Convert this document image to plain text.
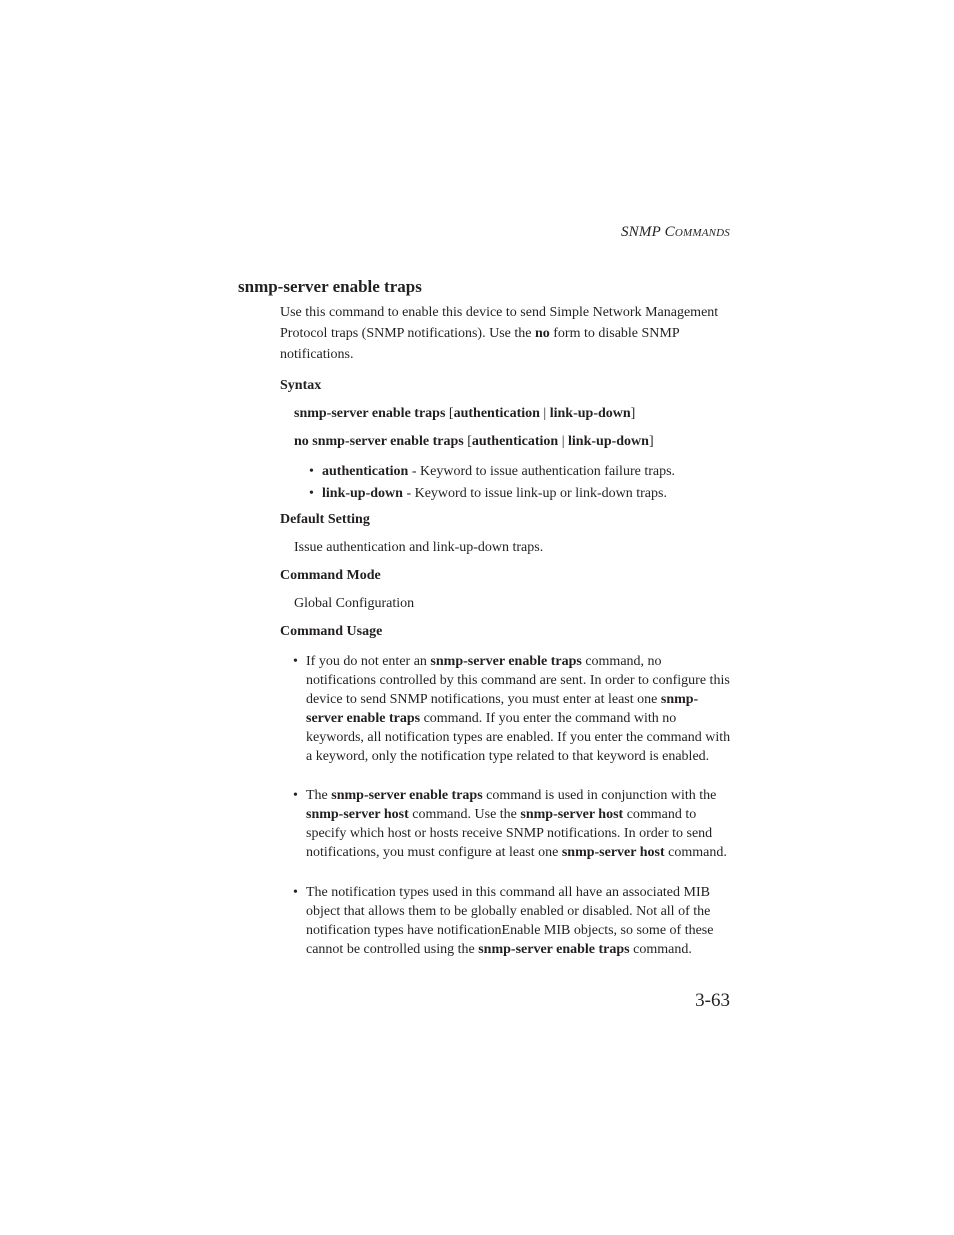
SNMP COMMANDS
snmp-server enable traps
Use this command to enable this device to send Simple Network Management Protocol traps (SNMP notifications). Use the no form to disable SNMP notifications.
Syntax
snmp-server enable traps [authentication | link-up-down]
no snmp-server enable traps [authentication | link-up-down]
• authentication - Keyword to issue authentication failure traps.
• link-up-down - Keyword to issue link-up or link-down traps.
Default Setting
Issue authentication and link-up-down traps.
Command Mode
Global Configuration
Command Usage
• If you do not enter an snmp-server enable traps command, no notifications controlled by this command are sent. In order to configure this device to send SNMP notifications, you must enter at least one snmp-server enable traps command. If you enter the command with no keywords, all notification types are enabled. If you enter the command with a keyword, only the notification type related to that keyword is enabled.
• The snmp-server enable traps command is used in conjunction with the snmp-server host command. Use the snmp-server host command to specify which host or hosts receive SNMP notifications. In order to send notifications, you must configure at least one snmp-server host command.
• The notification types used in this command all have an associated MIB object that allows them to be globally enabled or disabled. Not all of the notification types have notificationEnable MIB objects, so some of these cannot be controlled using the snmp-server enable traps command.
3-63
